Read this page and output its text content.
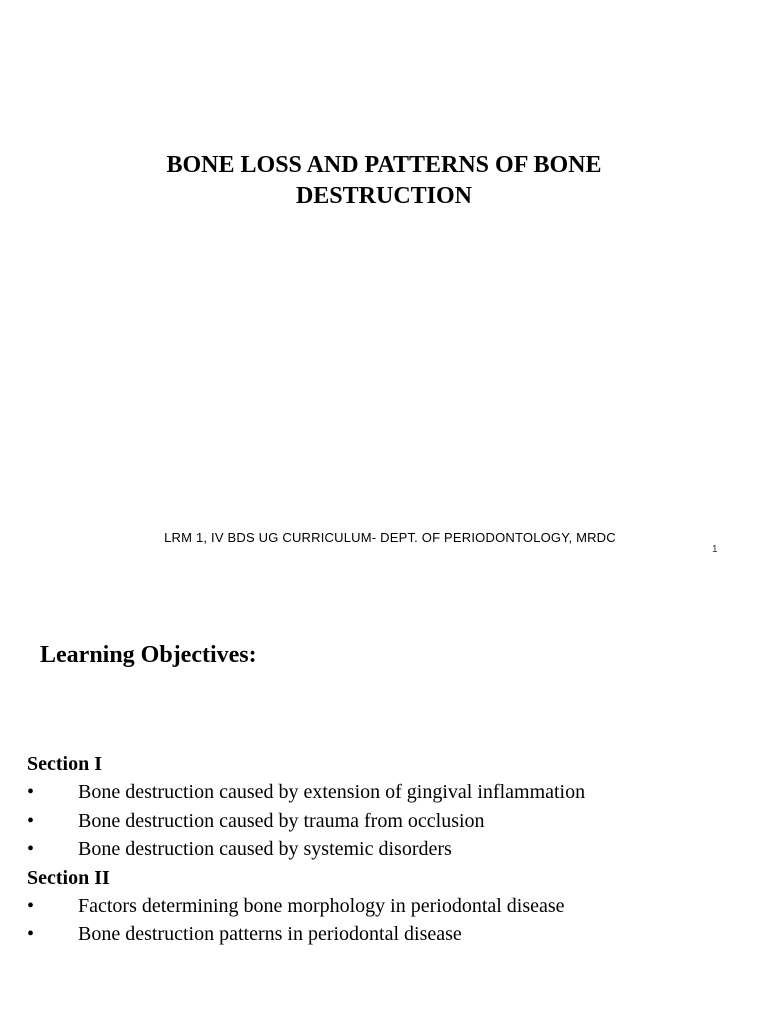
BONE LOSS AND PATTERNS OF BONE
DESTRUCTION
LRM 1, IV BDS UG CURRICULUM- DEPT. OF PERIODONTOLOGY, MRDC
1
Learning Objectives:
Section I
• Bone destruction caused by extension of gingival inflammation
• Bone destruction caused by trauma from occlusion
• Bone destruction caused by systemic disorders
Section II
• Factors determining bone morphology in periodontal disease
• Bone destruction patterns in periodontal disease
